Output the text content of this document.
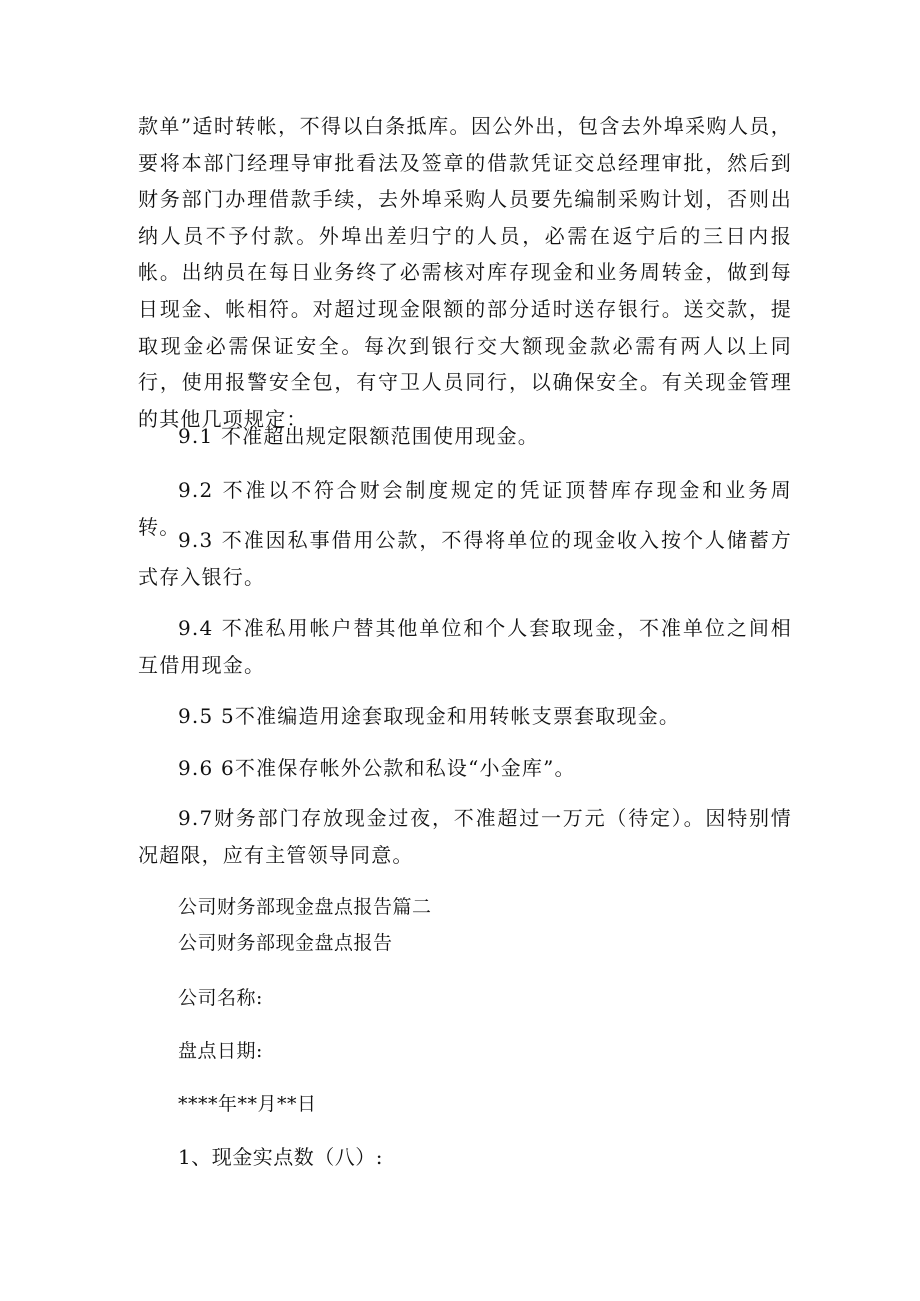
款单”适时转帐，不得以白条抵库。因公外出，包含去外埠采购人员，要将本部门经理导审批看法及签章的借款凭证交总经理审批，然后到财务部门办理借款手续，去外埠采购人员要先编制采购计划，否则出纳人员不予付款。外埠出差归宁的人员，必需在返宁后的三日内报帐。出纳员在每日业务终了必需核对库存现金和业务周转金，做到每日现金、帐相符。对超过现金限额的部分适时送存银行。送交款，提取现金必需保证安全。每次到银行交大额现金款必需有两人以上同行，使用报警安全包，有守卫人员同行，以确保安全。有关现金管理的其他几项规定：

9.1 不准超出规定限额范围使用现金。

9.2 不准以不符合财会制度规定的凭证顶替库存现金和业务周转。

9.3 不准因私事借用公款，不得将单位的现金收入按个人储蓄方式存入银行。

9.4 不准私用帐户替其他单位和个人套取现金，不准单位之间相互借用现金。

9.5 5不准编造用途套取现金和用转帐支票套取现金。

9.6 6不准保存帐外公款和私设“小金库”。

9.7财务部门存放现金过夜，不准超过一万元（待定）。因特别情况超限，应有主管领导同意。

公司财务部现金盘点报告篇二

公司财务部现金盘点报告

公司名称:

盘点日期:

****年**月**日

1、现金实点数（八）:
